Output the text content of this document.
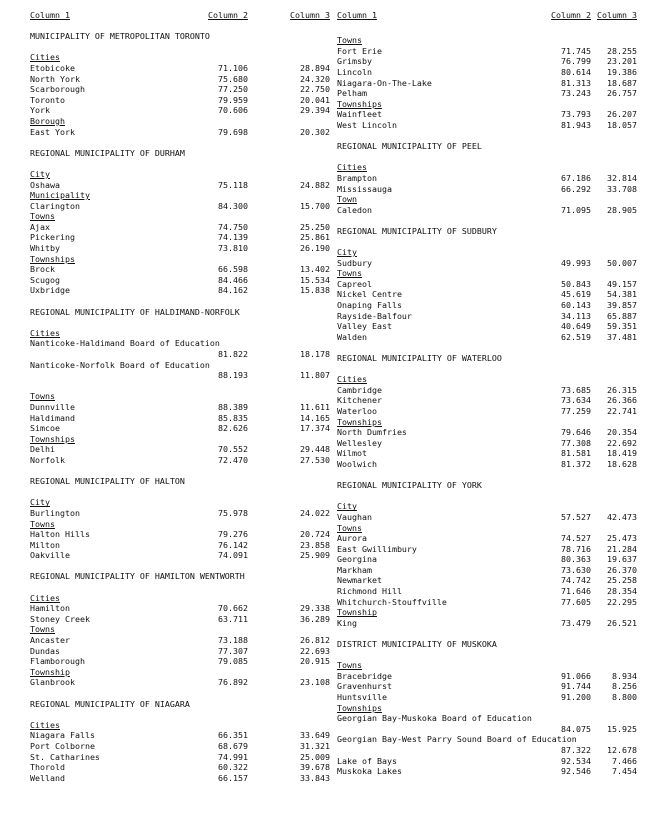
Column 1	Column 2	Column 3
MUNICIPALITY OF METROPOLITAN TORONTO
Cities
Etobicoke	71.106	28.894
North York	75.680	24.320
Scarborough	77.250	22.750
Toronto	79.959	20.041
York	70.606	29.394
Borough
East York	79.698	20.302
REGIONAL MUNICIPALITY OF DURHAM
City
Oshawa	75.118	24.882
Municipality
Clarington	84.300	15.700
Towns
Ajax	74.750	25.250
Pickering	74.139	25.861
Whitby	73.810	26.190
Townships
Brock	66.598	13.402
Scugog	84.466	15.534
Uxbridge	84.162	15.838
REGIONAL MUNICIPALITY OF HALDIMAND-NORFOLK
Cities
Nanticoke-Haldimand Board of Education
81.822	18.178
Nanticoke-Norfolk Board of Education
88.193	11.807
Towns
Dunnville	88.389	11.611
Haldimand	85.835	14.165
Simcoe	82.626	17.374
Townships
Delhi	70.552	29.448
Norfolk	72.470	27.530
REGIONAL MUNICIPALITY OF HALTON
City
Burlington	75.978	24.022
Towns
Halton Hills	79.276	20.724
Milton	76.142	23.858
Oakville	74.091	25.909
REGIONAL MUNICIPALITY OF HAMILTON WENTWORTH
Cities
Hamilton	70.662	29.338
Stoney Creek	63.711	36.289
Towns
Ancaster	73.188	26.812
Dundas	77.307	22.693
Flamborough	79.085	20.915
Township
Glanbrook	76.892	23.108
REGIONAL MUNICIPALITY OF NIAGARA
Cities
Niagara Falls	66.351	33.649
Port Colborne	68.679	31.321
St. Catharines	74.991	25.009
Thorold	60.322	39.678
Welland	66.157	33.843
Column 1	Column 2 Column 3
Towns
Fort Erie	71.745 28.255
Grimsby	76.799 23.201
Lincoln	80.614 19.386
Niagara-On-The-Lake	81.313 18.687
Pelham	73.243 26.757
Townships
Wainfleet	73.793 26.207
West Lincoln	81.943 18.057
REGIONAL MUNICIPALITY OF PEEL
Cities
Brampton	67.186 32.814
Mississauga	66.292 33.708
Town
Caledon	71.095 28.905
REGIONAL MUNICIPALITY OF SUDBURY
City
Sudbury	49.993 50.007
Towns
Capreol	50.843 49.157
Nickel Centre	45.619 54.381
Onaping Falls	60.143 39.857
Rayside-Balfour	34.113 65.887
Valley East	40.649 59.351
Walden	62.519 37.481
REGIONAL MUNICIPALITY OF WATERLOO
Cities
Cambridge	73.685 26.315
Kitchener	73.634 26.366
Waterloo	77.259 22.741
Townships
North Dumfries	79.646 20.354
Wellesley	77.308 22.692
Wilmot	81.581 18.419
Woolwich	81.372 18.628
REGIONAL MUNICIPALITY OF YORK
City
Vaughan	57.527 42.473
Towns
Aurora	74.527 25.473
East Gwillimbury	78.716 21.284
Georgina	80.363 19.637
Markham	73.630 26.370
Newmarket	74.742 25.258
Richmond Hill	71.646 28.354
Whitchurch-Stouffville	77.605 22.295
Township
King	73.479 26.521
DISTRICT MUNICIPALITY OF MUSKOKA
Towns
Bracebridge	91.066	8.934
Gravenhurst	91.744	8.256
Huntsville	91.200	8.800
Townships
Georgian Bay-Muskoka Board of Education
84.075 15.925
Georgian Bay-West Parry Sound Board of Education
87.322 12.678
Lake of Bays	92.534	7.466
Muskoka Lakes	92.546	7.454
